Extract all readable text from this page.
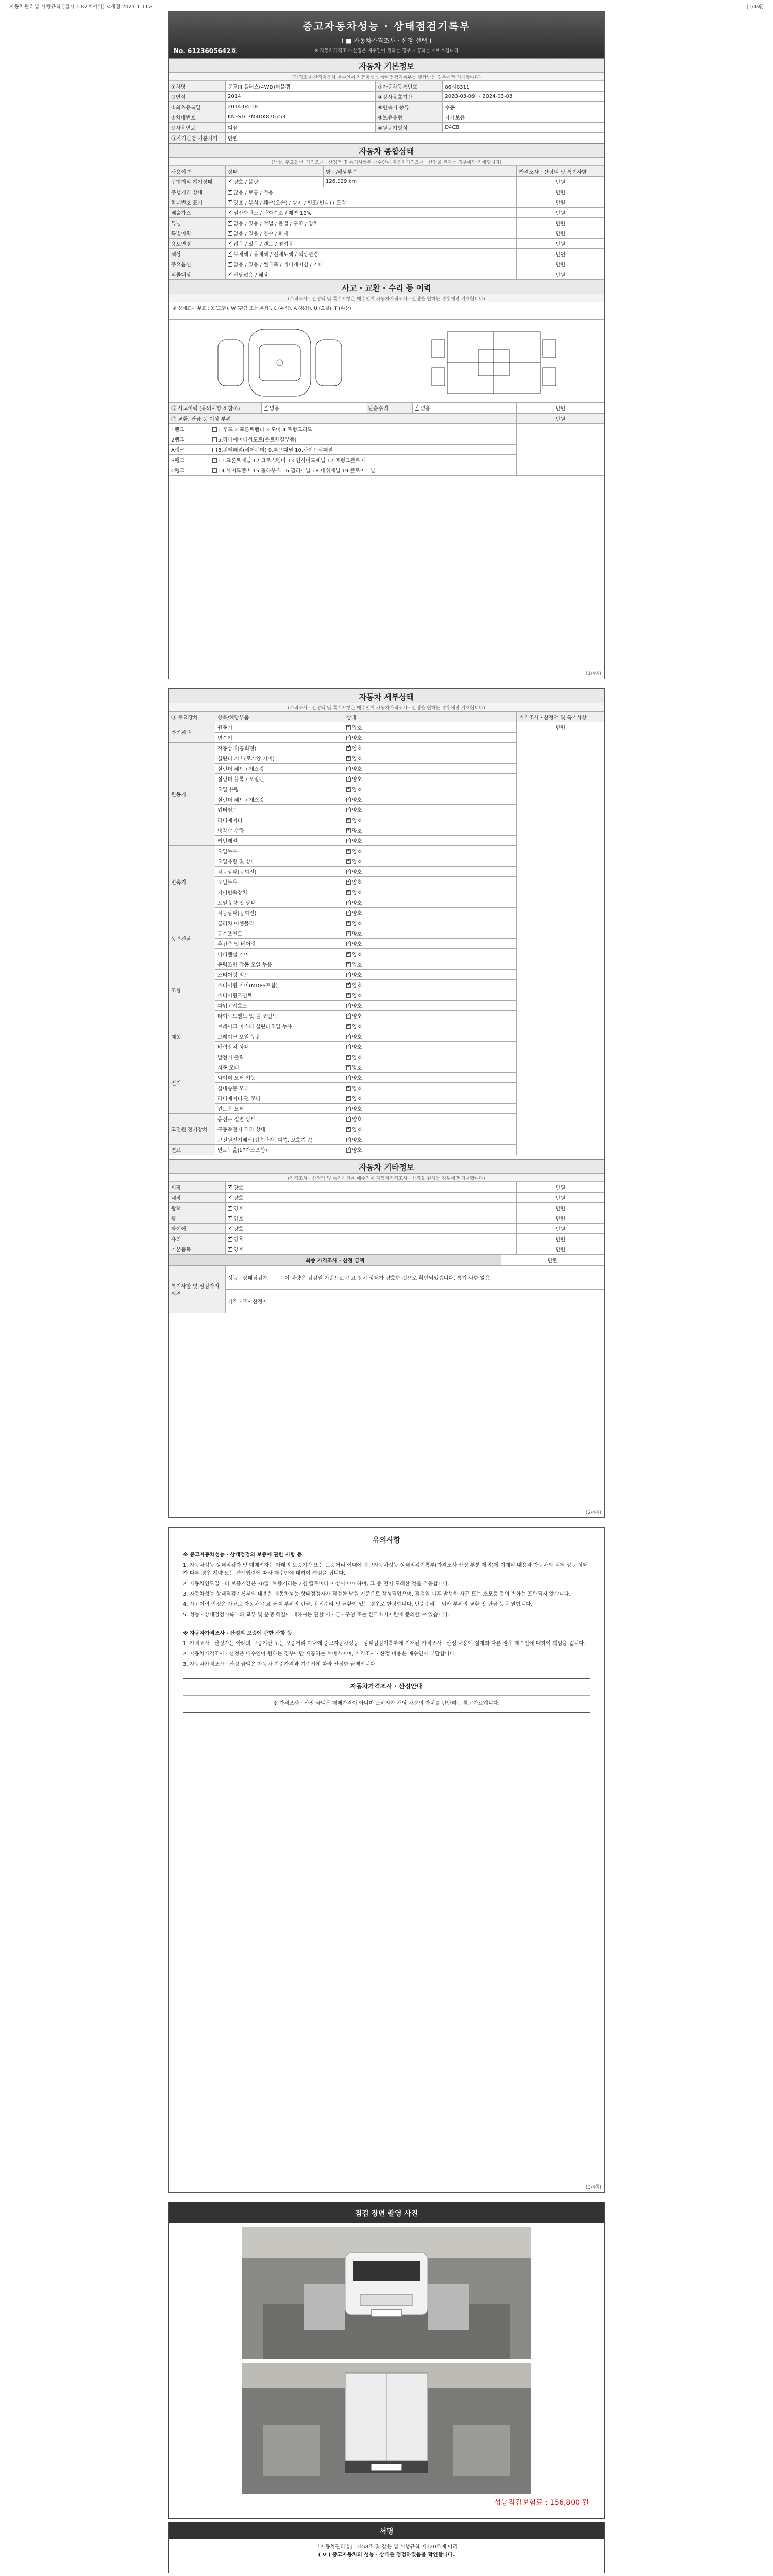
자동차관리법 시행규칙 [별지 제82호서식] <개정 2021.1.11>	(1/4쪽)
중고자동차성능 · 상태점검기록부
( ■ 자동차가격조사 · 산정 선택 )
※ 자동차가격조사·산정은 매수인이 원하는 경우 제공하는 서비스입니다
No. 6123605642호
자동차 기본정보
(가격조사·산정자동차 매수인이 자동차성능·상태점검기록부를 발급받는 경우에만 기재합니다)
①차명	봉고III 플러스(4WD)더블캡	⑦자동차등록번호	86서0311
③연식	2014	④검사유효기간	2023-03-09 ~ 2024-03-08
⑤최초등록일	2014-04-18	⑥변속기 종류	수동
⑦차대번호	KNFSTC7M4DK870753	⑧보증유형	자가보증
⑨사용연료	디젤	⑩원동기형식	D4CB
⑪가격산정 기준가격	만원		
자동차 종합상태
(색상, 주요옵션, 가격조사 · 산정액 및 특기사항은 매수인이 자동차가격조사 · 산정을 원하는 경우에만 기재합니다)
사용이력	상태	항목/해당부품	가격조사 · 산정액 및 특기사항
주행거리 계기상태	✓양호 / 불량	126,029 km	만원
주행거리 상태	✓많음 / 보통 / 적음		만원
차대번호 표기	✓양호 / 부식 / 훼손(오손) / 상이 / 변조(변타) / 도말		만원
배출가스	✓일산화탄소 / 탄화수소 / 매연 12%		만원
튜닝	✓없음 / 있음 / 적법 / 불법 / 구조 / 장치		만원
특별이력	✓없음 / 있음 / 침수 / 화재		만원
용도변경	✓없음 / 있음 / 렌트 / 영업용		만원
색상	✓무채색 / 유채색 / 전체도색 / 색상변경		만원
주요옵션	✓없음 / 있음 / 썬루프 / 네비게이션 / 기타		만원
리콜대상	✓해당없음 / 해당		만원
사고 · 교환 · 수리 등 이력
(가격조사 · 산정액 및 특기사항은 매수인이 자동차가격조사 · 산정을 원하는 경우에만 기재합니다)
※ 상태표시 부호 : X (교환), W (판금 또는 용접), C (부식), A (흠집), U (요철), T (손상)
⑫ 사고이력 (유의사항 4 참조)	✓없음	단순수리	✓없음	만원
⑬ 교환, 판금 등 이상 부위		만원
1랭크	1.후드 2.프론트펜더 3.도어 4.트렁크리드	
2랭크	5.라디에이터서포트(볼트체결부품)	
A랭크	8.쿼터패널(리어펜더) 9.루프패널 10.사이드실패널	
B랭크	11.프론트패널 12.크로스멤버 13.인사이드패널 17.트렁크플로어	
C랭크	14.사이드멤버 15.휠하우스 16.필러패널 18.대쉬패널 19.플로어패널	
(1/4쪽)
자동차 세부상태
(가격조사 · 산정액 및 특기사항은 매수인이 자동차가격조사 · 산정을 원하는 경우에만 기재합니다)
⑭ 주요장치	항목/해당부품	상태	가격조사 · 산정액 및 특기사항
자기진단	원동기	✓양호	만원
	변속기	✓양호
원동기	작동상태(공회전)	✓양호
	실린더 커버(로커암 커버)	✓양호
	실린더 헤드 / 개스킷	✓양호
	실린더 블록 / 오일팬	✓양호
	오일 유량	✓양호
	실린더 헤드 / 개스킷	✓양호
	워터펌프	✓양호
	라디에이터	✓양호
	냉각수 수량	✓양호
	커먼레일	✓양호
변속기	오일누유	✓양호
	오일유량 및 상태	✓양호
	작동상태(공회전)	✓양호
	오일누유	✓양호
	기어변속장치	✓양호
	오일유량 및 상태	✓양호
	작동상태(공회전)	✓양호
동력전달	클러치 어셈블리	✓양호
	등속조인트	✓양호
	추진축 및 베어링	✓양호
	디퍼렌셜 기어	✓양호
조향	동력조향 작동 오일 누유	✓양호
	스티어링 펌프	✓양호
	스티어링 기어(MDPS포함)	✓양호
	스티어링조인트	✓양호
	파워고압호스	✓양호
	타이로드엔드 및 볼 조인트	✓양호
제동	브레이크 마스터 실린더오일 누유	✓양호
	브레이크 오일 누유	✓양호
	배력장치 상태	✓양호
전기	발전기 출력	✓양호
	시동 모터	✓양호
	와이퍼 모터 기능	✓양호
	실내송풍 모터	✓양호
	라디에이터 팬 모터	✓양호
	윈도우 모터	✓양호
고전원 전기장치	충전구 절연 상태	✓양호
	구동축전지 격리 상태	✓양호
	고전원전기배선(접속단자, 피복, 보호기구)	✓양호
연료	연료누출(LP가스포함)	✓양호
자동차 기타정보
(가격조사 · 산정액 및 특기사항은 매수인이 자동차가격조사 · 산정을 원하는 경우에만 기재합니다)
외장	✓양호	만원
내장	✓양호	만원
광택	✓양호	만원
휠	✓양호	만원
타이어	✓양호	만원
유리	✓양호	만원
기본품목	✓양호	만원
최종 가격조사 · 산정 금액	만원
특기사항 및 점검자의 의견	성능 · 상태점검자	이 차량은 점검일 기준으로 주요 장치 상태가 양호한 것으로 확인되었습니다. 특기 사항 없음.
	가격 · 조사산정자	
(2/4쪽)
유의사항
※ 중고자동차성능 · 상태점검의 보증에 관한 사항 등

1. 자동차성능·상태점검자 및 매매업자는 아래의 보증기간 또는 보증거리 이내에 중고자동차성능·상태점검기록부(가격조사·산정 부분 제외)에 기재된 내용과 자동차의 실제 성능·상태가 다른 경우 계약 또는 관계법령에 따라 매수인에 대하여 책임을 집니다.

2. 자동차인도일부터 보증기간은 30일, 보증거리는 2천 킬로미터 이상이어야 하며, 그 중 먼저 도래한 것을 적용합니다.

3. 자동차성능·상태점검기록부의 내용은 자동차성능·상태점검자가 점검한 날을 기준으로 작성되었으며, 점검일 이후 발생한 사고 또는 소모품 등의 변화는 포함되지 않습니다.

4. 사고이력 인정은 사고로 자동차 주요 골격 부위의 판금, 용접수리 및 교환이 있는 경우로 한정합니다. 단순수리는 외판 부위의 교환 및 판금 등을 말합니다.

5. 성능 · 상태점검기록부의 교부 및 분쟁 해결에 대하여는 관할 시 · 군 · 구청 또는 한국소비자원에 문의할 수 있습니다.

※ 자동차가격조사 · 산정의 보증에 관한 사항 등

1. 가격조사 · 산정자는 아래의 보증기간 또는 보증거리 이내에 중고자동차성능 · 상태점검기록부에 기재된 가격조사 · 산정 내용이 실제와 다른 경우 매수인에 대하여 책임을 집니다.

2. 자동차가격조사 · 산정은 매수인이 원하는 경우에만 제공하는 서비스이며, 가격조사 · 산정 비용은 매수인이 부담합니다.

3. 자동차가격조사 · 산정 금액은 자동차 기준가격과 기준서에 따라 산정한 금액입니다.

자동차가격조사 · 산정안내
※ 가격조사 · 산정 금액은 매매가격이 아니며 소비자가 해당 차량의 가치를 판단하는 참고자료입니다.
(3/4쪽)
점검 장면 촬영 사진
성능점검보험료 : 156,800 원
서명
「자동차관리법」 제58조 및 같은 법 시행규칙 제120조에 따라
( V ) 중고자동차의 성능 · 상태를 점검하였음을 확인합니다.
